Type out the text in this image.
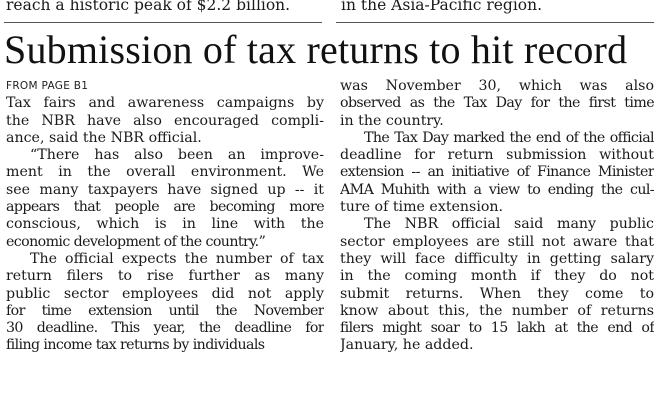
reach a historic peak of $2.2 billion.	in the Asia-Pacific region.
Submission of tax returns to hit record
FROM PAGE B1
Tax fairs and awareness campaigns by
the NBR have also encouraged compli-
ance, said the NBR official.
“There has also been an improve-
ment in the overall environment. We
see many taxpayers have signed up -- it
appears that people are becoming more
conscious, which is in line with the
economic development of the country.”
The official expects the number of tax
return filers to rise further as many
public sector employees did not apply
for time extension until the November
30 deadline. This year, the deadline for
filing income tax returns by individuals
was November 30, which was also
observed as the Tax Day for the first time
in the country.
The Tax Day marked the end of the official
deadline for return submission without
extension -- an initiative of Finance Minister
AMA Muhith with a view to ending the cul-
ture of time extension.
The NBR official said many public
sector employees are still not aware that
they will face difficulty in getting salary
in the coming month if they do not
submit returns. When they come to
know about this, the number of returns
filers might soar to 15 lakh at the end of
January, he added.
